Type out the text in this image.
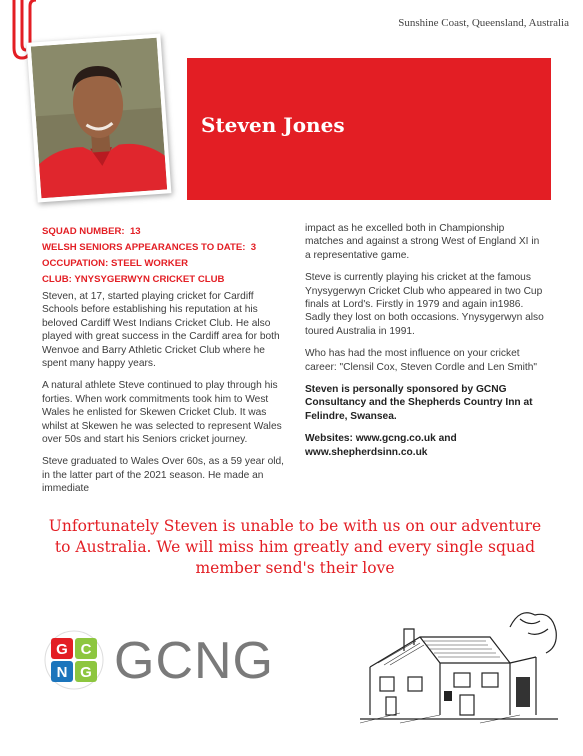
Sunshine Coast, Queensland, Australia
Steven Jones
SQUAD NUMBER: 13
WELSH SENIORS APPEARANCES TO DATE: 3
OCCUPATION: STEEL WORKER
CLUB: YNYSYGERWYN CRICKET CLUB

Steven, at 17, started playing cricket for Cardiff Schools before establishing his reputation at his beloved Cardiff West Indians Cricket Club. He also played with great success in the Cardiff area for both Wenvoe and Barry Athletic Cricket Club where he spent many happy years.

A natural athlete Steve continued to play through his forties. When work commitments took him to West Wales he enlisted for Skewen Cricket Club. It was whilst at Skewen he was selected to represent Wales over 50s and start his Seniors cricket journey.

Steve graduated to Wales Over 60s, as a 59 year old, in the latter part of the 2021 season. He made an immediate

impact as he excelled both in Championship matches and against a strong West of England XI in a representative game.

Steve is currently playing his cricket at the famous Ynysygerwyn Cricket Club who appeared in two Cup finals at Lord's. Firstly in 1979 and again in1986. Sadly they lost on both occasions. Ynysygerwyn also toured Australia in 1991.

Who has had the most influence on your cricket career: "Clensil Cox, Steven Cordle and Len Smith"

Steven is personally sponsored by GCNG Consultancy and the Shepherds Country Inn at Felindre, Swansea.

Websites: www.gcng.co.uk and www.shepherdsinn.co.uk

Unfortunately Steven is unable to be with us on our adventure to Australia. We will miss him greatly and every single squad member send's their love
G C
N G GCNG
